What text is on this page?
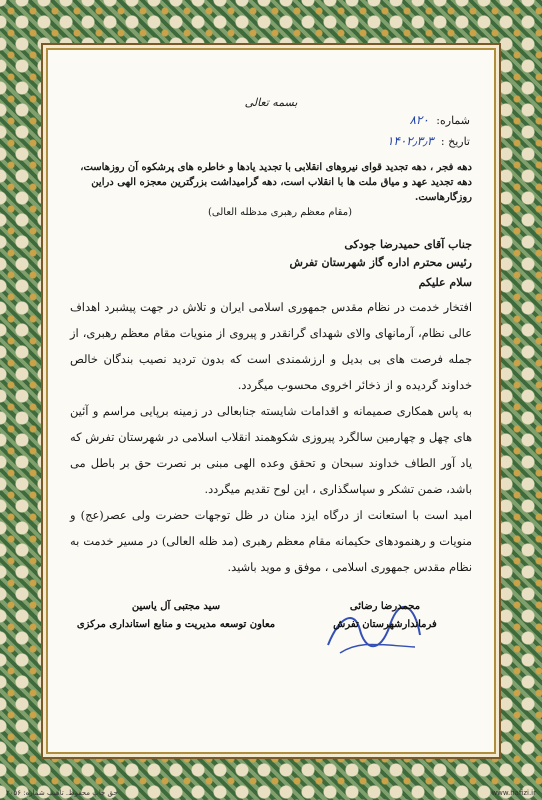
بسمه تعالی
شماره: ۸۲۰
تاریخ : ۱۴۰۲٫۳٫۳
دهه فجر ، دهه تجدید قوای نیروهای انقلابی با تجدید یادها و خاطره های پرشکوه آن روزهاست،
دهه تجدید عهد و میاق ملت ها با انقلاب است، دهه گرامیداشت بزرگترین معجزه الهی دراین روزگارهاست.
(مقام معظم رهبری مدظله العالی)
جناب آقای حمیدرضا جودکی
رئیس محترم اداره گاز شهرستان تفرش
سلام علیکم

افتخار خدمت در نظام مقدس جمهوری اسلامی ایران و تلاش در جهت پیشبرد اهداف عالی نظام، آرمانهای والای شهدای گرانقدر و پیروی از منویات مقام معظم رهبری، از جمله فرصت های بی بدیل و ارزشمندی است که بدون تردید نصیب بندگان خالص خداوند گردیده و از ذخائر اخروی محسوب میگردد.

به پاس همکاری صمیمانه و اقدامات شایسته جنابعالی در زمینه برپایی مراسم و آئین های چهل و چهارمین سالگرد پیروزی شکوهمند انقلاب اسلامی در شهرستان تفرش که یاد آور الطاف خداوند سبحان و تحقق وعده الهی مبنی بر نصرت حق بر باطل می باشد، ضمن تشکر و سپاسگذاری ، این لوح تقدیم میگردد.

امید است با استعانت از درگاه ایزد منان در ظل توجهات حضرت ولی عصر(عج) و منویات و رهنمودهای حکیمانه مقام معظم رهبری (مد ظله العالی) در مسیر خدمت به نظام مقدس جمهوری اسلامی ، موفق و موید باشید.

سید مجتبی آل یاسین
معاون توسعه مدیریت و منابع استانداری مرکزی
محمدرضا رضائی
فرماندارشهرستان تفرش
حق چاپ محفوظ. تاهیب شماره: ۲۰۵۶	www.hafizi.ir
